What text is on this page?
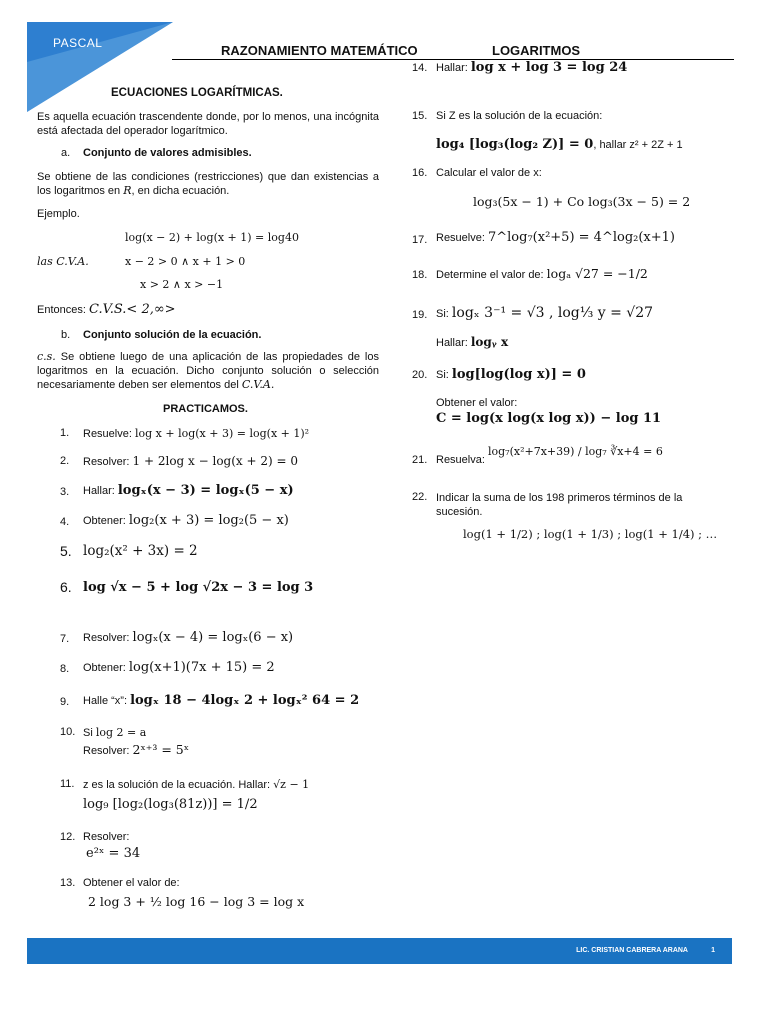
PASCAL	RAZONAMIENTO MATEMÁTICO	LOGARITMOS
ECUACIONES LOGARÍTMICAS.
Es aquella ecuación trascendente donde, por lo menos, una incógnita está afectada del operador logarítmico.
a. Conjunto de valores admisibles.
Se obtiene de las condiciones (restricciones) que dan existencias a los logaritmos en R, en dicha ecuación.
Ejemplo.
log(x − 2) + log(x + 1) = log40
las C.V.A.	x − 2 > 0 ∧ x + 1 > 0
x > 2 ∧ x > −1
Entonces: C.V.S.< 2,∞>
b. Conjunto solución de la ecuación.
c.s. Se obtiene luego de una aplicación de las propiedades de los logaritmos en la ecuación. Dicho conjunto solución o selección necesariamente deben ser elementos del C.V.A.
PRACTICAMOS.
1. Resuelve: log x + log(x + 3) = log(x + 1)²
2. Resolver: 1 + 2log x − log(x + 2) = 0
3. Hallar: logₓ(x − 3) = logₓ(5 − x)
4. Obtener: log₂(x + 3) = log₂(5 − x)
5. log₂(x² + 3x) = 2
6. log √x − 5 + log √2x − 3 = log 3
7. Resolver: logₓ(x − 4) = logₓ(6 − x)
8. Obtener: log(x+1)(7x + 15) = 2
9. Halle “x”: logₓ 18 − 4logₓ 2 + logₓ² 64 = 2
10. Si log 2 = a
Resolver: 2ˣ⁺³ = 5ˣ
11. z es la solución de la ecuación. Hallar: √z − 1
log₉ [log₂(log₃(81z))] = 1/2
12. Resolver:
e²ˣ = 34
13. Obtener el valor de:
2 log 3 + ½ log 16 − log 3 = log x
14. Hallar: log x + log 3 = log 24
15. Si Z es la solución de la ecuación:
log₄ [log₃(log₂ Z)] = 0, hallar z² + 2Z + 1
16. Calcular el valor de x:
log₃(5x − 1) + Co log₃(3x − 5) = 2
17. Resuelve: 7^log₇(x²+5) = 4^log₂(x+1)
18. Determine el valor de: logₐ √27 = −1/2
19. Si: logₓ 3⁻¹ = √3 , log⅓ y = √27
Hallar: logᵧ x
20. Si: log[log(log x)] = 0
Obtener el valor:
C = log(x log(x log x)) − log 11
21. Resuelva:
log₇(x²+7x+39) / log₇ ∛x+4 = 6
22. Indicar la suma de los 198 primeros términos de la sucesión.
log(1 + 1/2) ; log(1 + 1/3) ; log(1 + 1/4) ; …
LIC. CRISTIAN CABRERA ARANA	1
